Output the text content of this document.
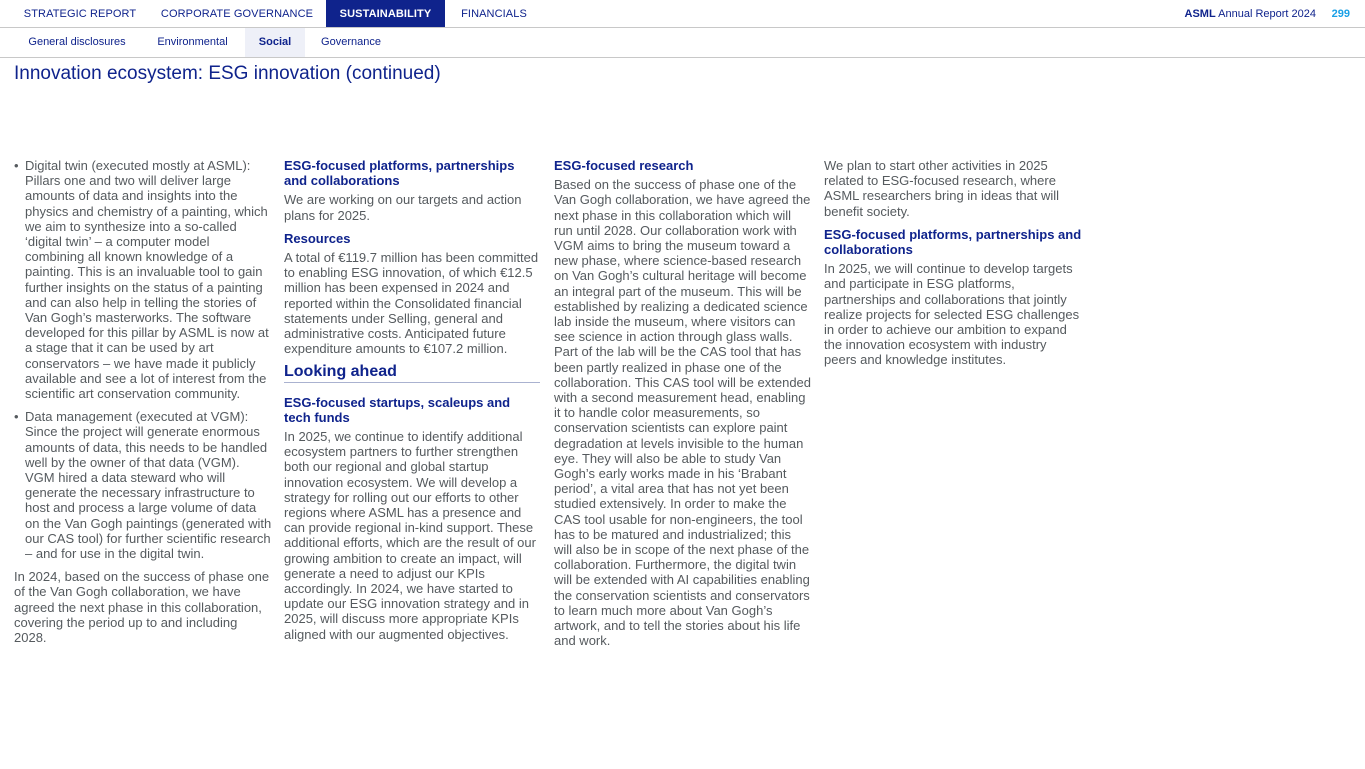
STRATEGIC REPORT	CORPORATE GOVERNANCE	SUSTAINABILITY	FINANCIALS	ASML Annual Report 2024 299
General disclosures	Environmental	Social	Governance
Innovation ecosystem: ESG innovation (continued)
• Digital twin (executed mostly at ASML): Pillars one and two will deliver large amounts of data and insights into the physics and chemistry of a painting, which we aim to synthesize into a so-called ‘digital twin’ – a computer model combining all known knowledge of a painting. This is an invaluable tool to gain further insights on the status of a painting and can also help in telling the stories of Van Gogh’s masterworks. The software developed for this pillar by ASML is now at a stage that it can be used by art conservators – we have made it publicly available and see a lot of interest from the scientific art conservation community.
• Data management (executed at VGM): Since the project will generate enormous amounts of data, this needs to be handled well by the owner of that data (VGM). VGM hired a data steward who will generate the necessary infrastructure to host and process a large volume of data on the Van Gogh paintings (generated with our CAS tool) for further scientific research – and for use in the digital twin.

In 2024, based on the success of phase one of the Van Gogh collaboration, we have agreed the next phase in this collaboration, covering the period up to and including 2028.

ESG-focused platforms, partnerships and collaborations

We are working on our targets and action plans for 2025.

Resources

A total of €119.7 million has been committed to enabling ESG innovation, of which €12.5 million has been expensed in 2024 and reported within the Consolidated financial statements under Selling, general and administrative costs. Anticipated future expenditure amounts to €107.2 million.

Looking ahead
ESG-focused startups, scaleups and tech funds

In 2025, we continue to identify additional ecosystem partners to further strengthen both our regional and global startup innovation ecosystem. We will develop a strategy for rolling out our efforts to other regions where ASML has a presence and can provide regional in-kind support. These additional efforts, which are the result of our growing ambition to create an impact, will generate a need to adjust our KPIs accordingly. In 2024, we have started to update our ESG innovation strategy and in 2025, will discuss more appropriate KPIs aligned with our augmented objectives.

ESG-focused research

Based on the success of phase one of the Van Gogh collaboration, we have agreed the next phase in this collaboration which will run until 2028. Our collaboration work with VGM aims to bring the museum toward a new phase, where science-based research on Van Gogh’s cultural heritage will become an integral part of the museum. This will be established by realizing a dedicated science lab inside the museum, where visitors can see science in action through glass walls. Part of the lab will be the CAS tool that has been partly realized in phase one of the collaboration. This CAS tool will be extended with a second measurement head, enabling it to handle color measurements, so conservation scientists can explore paint degradation at levels invisible to the human eye. They will also be able to study Van Gogh’s early works made in his ‘Brabant period’, a vital area that has not yet been studied extensively. In order to make the CAS tool usable for non-engineers, the tool has to be matured and industrialized; this will also be in scope of the next phase of the collaboration. Furthermore, the digital twin will be extended with AI capabilities enabling the conservation scientists and conservators to learn much more about Van Gogh’s artwork, and to tell the stories about his life and work.

We plan to start other activities in 2025 related to ESG-focused research, where ASML researchers bring in ideas that will benefit society.

ESG-focused platforms, partnerships and collaborations

In 2025, we will continue to develop targets and participate in ESG platforms, partnerships and collaborations that jointly realize projects for selected ESG challenges in order to achieve our ambition to expand the innovation ecosystem with industry peers and knowledge institutes.
